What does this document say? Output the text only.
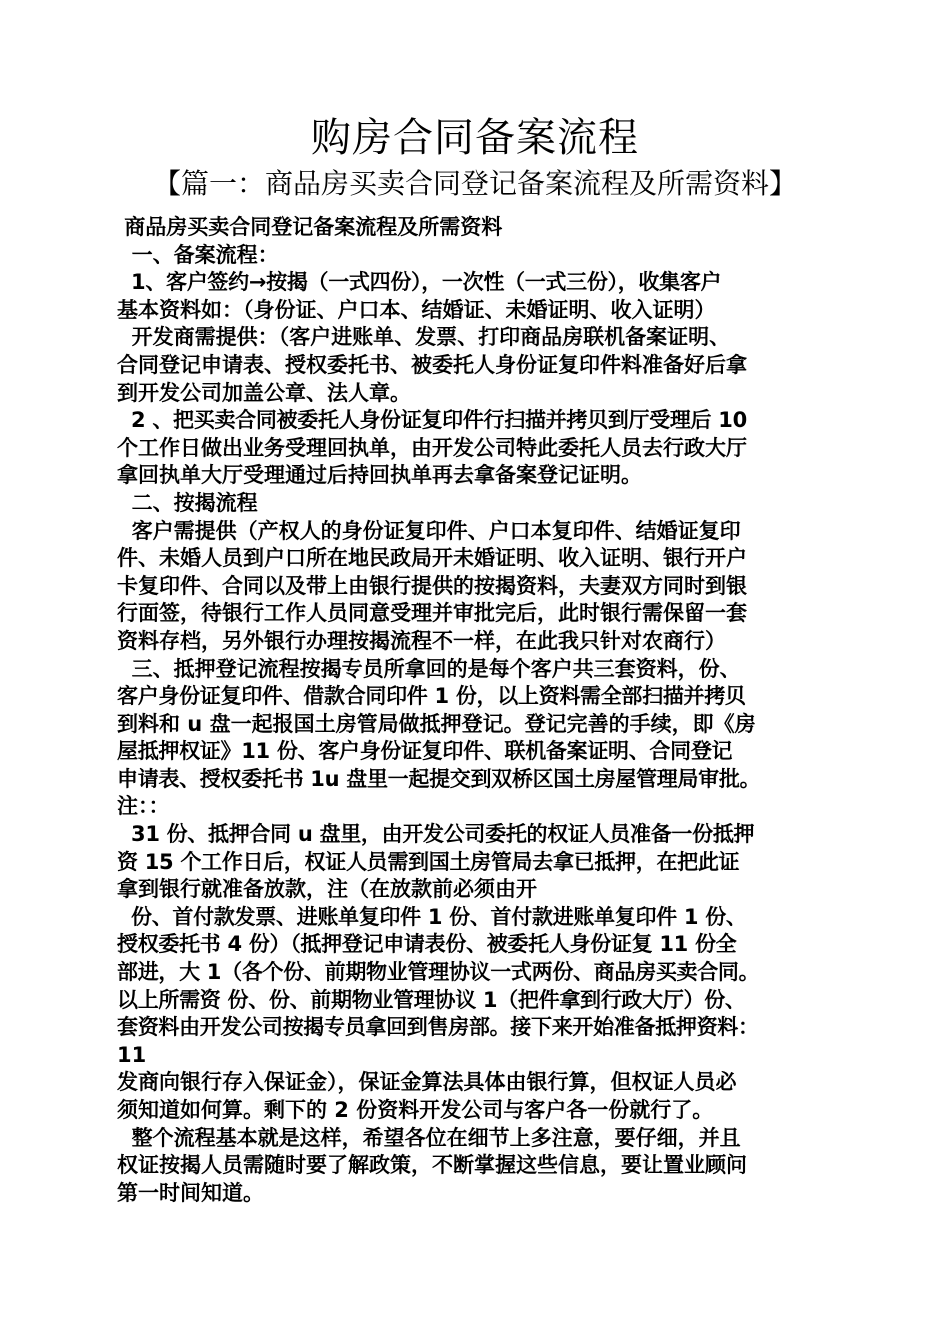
购房合同备案流程
【篇一：商品房买卖合同登记备案流程及所需资料】
商品房买卖合同登记备案流程及所需资料
一、备案流程：
1、客户签约→按揭（一式四份），一次性（一式三份），收集客户
基本资料如：（身份证、户口本、结婚证、未婚证明、收入证明）
开发商需提供：（客户进账单、发票、打印商品房联机备案证明、
合同登记申请表、授权委托书、被委托人身份证复印件料准备好后拿
到开发公司加盖公章、法人章。
2 、把买卖合同被委托人身份证复印件行扫描并拷贝到厅受理后 10
个工作日做出业务受理回执单，由开发公司特此委托人员去行政大厅
拿回执单大厅受理通过后持回执单再去拿备案登记证明。
二、按揭流程
客户需提供（产权人的身份证复印件、户口本复印件、结婚证复印
件、未婚人员到户口所在地民政局开未婚证明、收入证明、银行开户
卡复印件、合同以及带上由银行提供的按揭资料，夫妻双方同时到银
行面签，待银行工作人员同意受理并审批完后，此时银行需保留一套
资料存档，另外银行办理按揭流程不一样，在此我只针对农商行）
三、抵押登记流程按揭专员所拿回的是每个客户共三套资料，份、
客户身份证复印件、借款合同印件 1 份，以上资料需全部扫描并拷贝
到料和 u 盘一起报国土房管局做抵押登记。登记完善的手续，即《房
屋抵押权证》11 份、客户身份证复印件、联机备案证明、合同登记
申请表、授权委托书 1u 盘里一起提交到双桥区国土房屋管理局审批。
注：：
31 份、抵押合同 u 盘里，由开发公司委托的权证人员准备一份抵押
资 15 个工作日后，权证人员需到国土房管局去拿已抵押，在把此证
拿到银行就准备放款，注（在放款前必须由开
份、首付款发票、进账单复印件 1 份、首付款进账单复印件 1 份、
授权委托书 4 份）（抵押登记申请表份、被委托人身份证复 11 份全
部进，大 1（各个份、前期物业管理协议一式两份、商品房买卖合同。
以上所需资 份、份、前期物业管理协议 1（把件拿到行政大厅）份、
套资料由开发公司按揭专员拿回到售房部。接下来开始准备抵押资料：
11
发商向银行存入保证金），保证金算法具体由银行算，但权证人员必
须知道如何算。剩下的 2 份资料开发公司与客户各一份就行了。
整个流程基本就是这样，希望各位在细节上多注意，要仔细，并且
权证按揭人员需随时要了解政策，不断掌握这些信息，要让置业顾问
第一时间知道。
